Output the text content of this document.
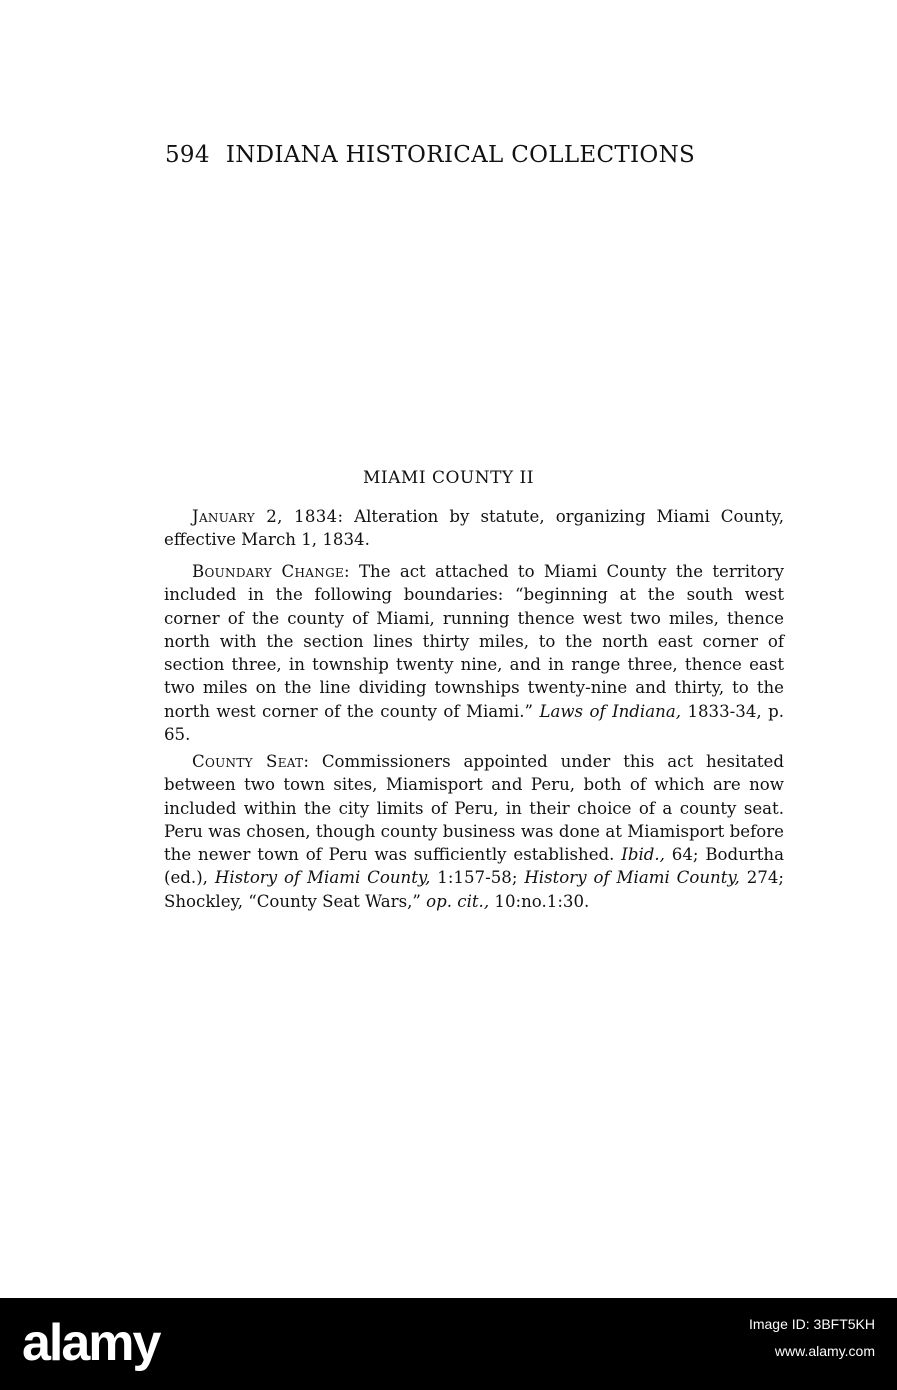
594 INDIANA HISTORICAL COLLECTIONS
MIAMI COUNTY II

January 2, 1834: Alteration by statute, organizing Miami County, effective March 1, 1834.

Boundary Change: The act attached to Miami County the territory included in the following boundaries: “beginning at the south west corner of the county of Miami, running thence west two miles, thence north with the section lines thirty miles, to the north east corner of section three, in township twenty nine, and in range three, thence east two miles on the line dividing townships twenty-nine and thirty, to the north west corner of the county of Miami.” Laws of Indiana, 1833-34, p. 65.

County Seat: Commissioners appointed under this act hesitated between two town sites, Miamisport and Peru, both of which are now included within the city limits of Peru, in their choice of a county seat. Peru was chosen, though county business was done at Miamisport before the newer town of Peru was sufficiently established. Ibid., 64; Bodurtha (ed.), History of Miami County, 1:157-58; History of Miami County, 274; Shockley, “County Seat Wars,” op. cit., 10:no.1:30.

alamy	Image ID: 3BFT5KH
www.alamy.com
